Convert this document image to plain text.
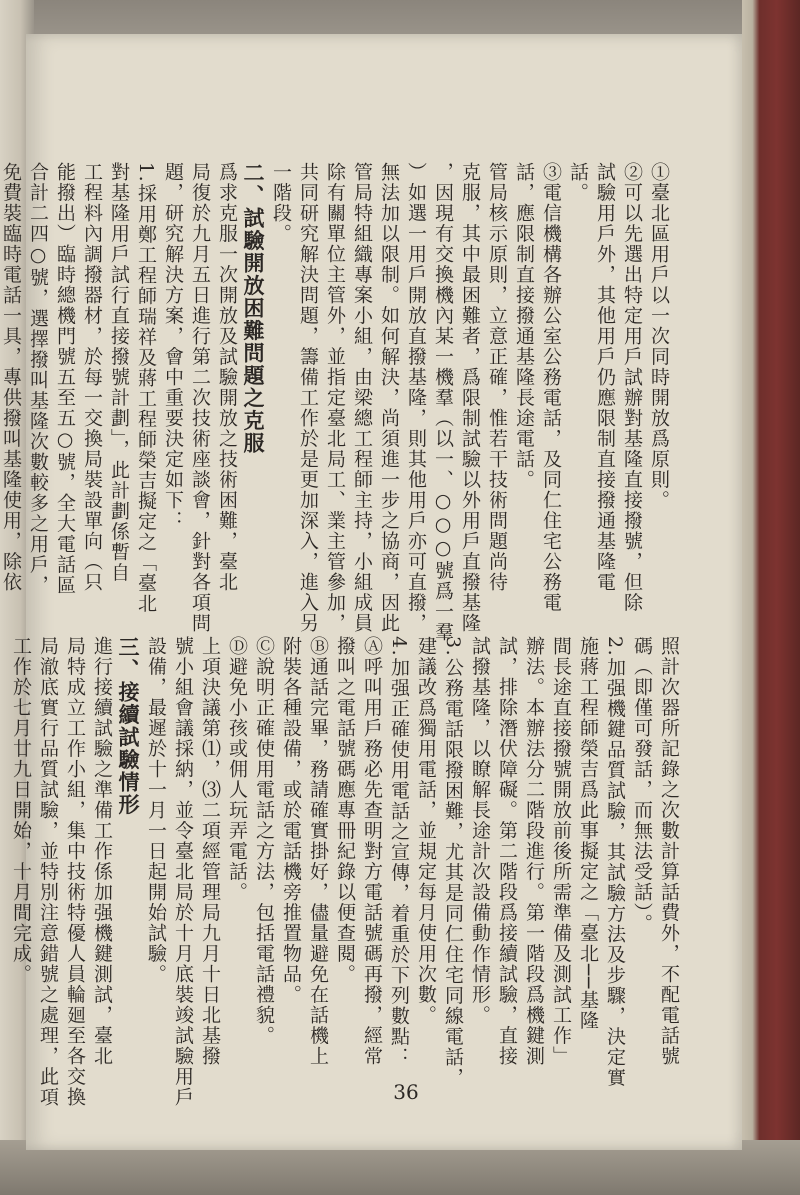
①臺北區用戶以一次同時開放爲原則。
②可以先選出特定用戶試辦對基隆直接撥號，但除
試驗用戶外，其他用戶仍應限制直接撥通基隆電
話。
③電信機構各辦公室公務電話，及同仁住宅公務電
話，應限制直接撥通基隆長途電話。
管局核示原則，立意正確，惟若干技術問題尚待
克服，其中最困難者，爲限制試驗以外用戶直撥基隆
，因現有交換機內某一機羣（以一、○○○號爲一羣
）如選一用戶開放直撥基隆，則其他用戶亦可直撥，
無法加以限制。如何解決，尚須進一步之協商，因此
管局特組織專案小組，由梁總工程師主持，小組成員
除有關單位主管外，並指定臺北局工、業主管參加，
共同研究解決問題，籌備工作於是更加深入，進入另
一階段。
二、試驗開放困難問題之克服
爲求克服一次開放及試驗開放之技術困難，臺北
局復於九月五日進行第二次技術座談會，針對各項問
題，研究解決方案，會中重要決定如下：
1.採用鄭工程師瑞祥及蔣工程師榮吉擬定之「臺北
對基隆用戶試行直接撥號計劃」，此計劃係暫自
工程料內調撥器材，於每一交換局裝設單向（只
能撥出）臨時總機門號五至五○號，全大電話區
合計二四○號，選擇撥叫基隆次數較多之用戶，
免費裝臨時電話一具，專供撥叫基隆使用，除依
照計次器所記錄之次數計算話費外，不配電話號
碼（即僅可發話，而無法受話）。
2.加强機鍵品質試驗，其試驗方法及步驟，決定實
施蔣工程師榮吉爲此事擬定之「臺北──基隆
間長途直接撥號開放前後所需準備及測試工作」
辦法。本辦法分二階段進行。第一階段爲機鍵測
試，排除潛伏障礙。第二階段爲接續試驗，直接
試撥基隆，以瞭解長途計次設備動作情形。
3.公務電話限撥困難，尤其是同仁住宅同線電話，
建議改爲獨用電話，並規定每月使用次數。
4.加强正確使用電話之宣傳，着重於下列數點：
Ⓐ呼叫用戶務必先查明對方電話號碼再撥，經常
撥叫之電話號碼應專冊紀錄以便查閱。
Ⓑ通話完畢，務請確實掛好，儘量避免在話機上
附裝各種設備，或於電話機旁推置物品。
Ⓒ說明正確使用電話之方法，包括電話禮貌。
Ⓓ避免小孩或佣人玩弄電話。
上項決議第⑴，⑶二項經管理局九月十日北基撥
號小組會議採納，並令臺北局於十月底裝竣試驗用戶
設備，最遲於十一月一日起開始試驗。
三、接續試驗情形
進行接續試驗之準備工作係加强機鍵測試，臺北
局特成立工作小組，集中技術特優人員輪廻至各交換
局澈底實行品質試驗，並特別注意錯號之處理，此項
工作於七月廿九日開始，十月間完成。
36
